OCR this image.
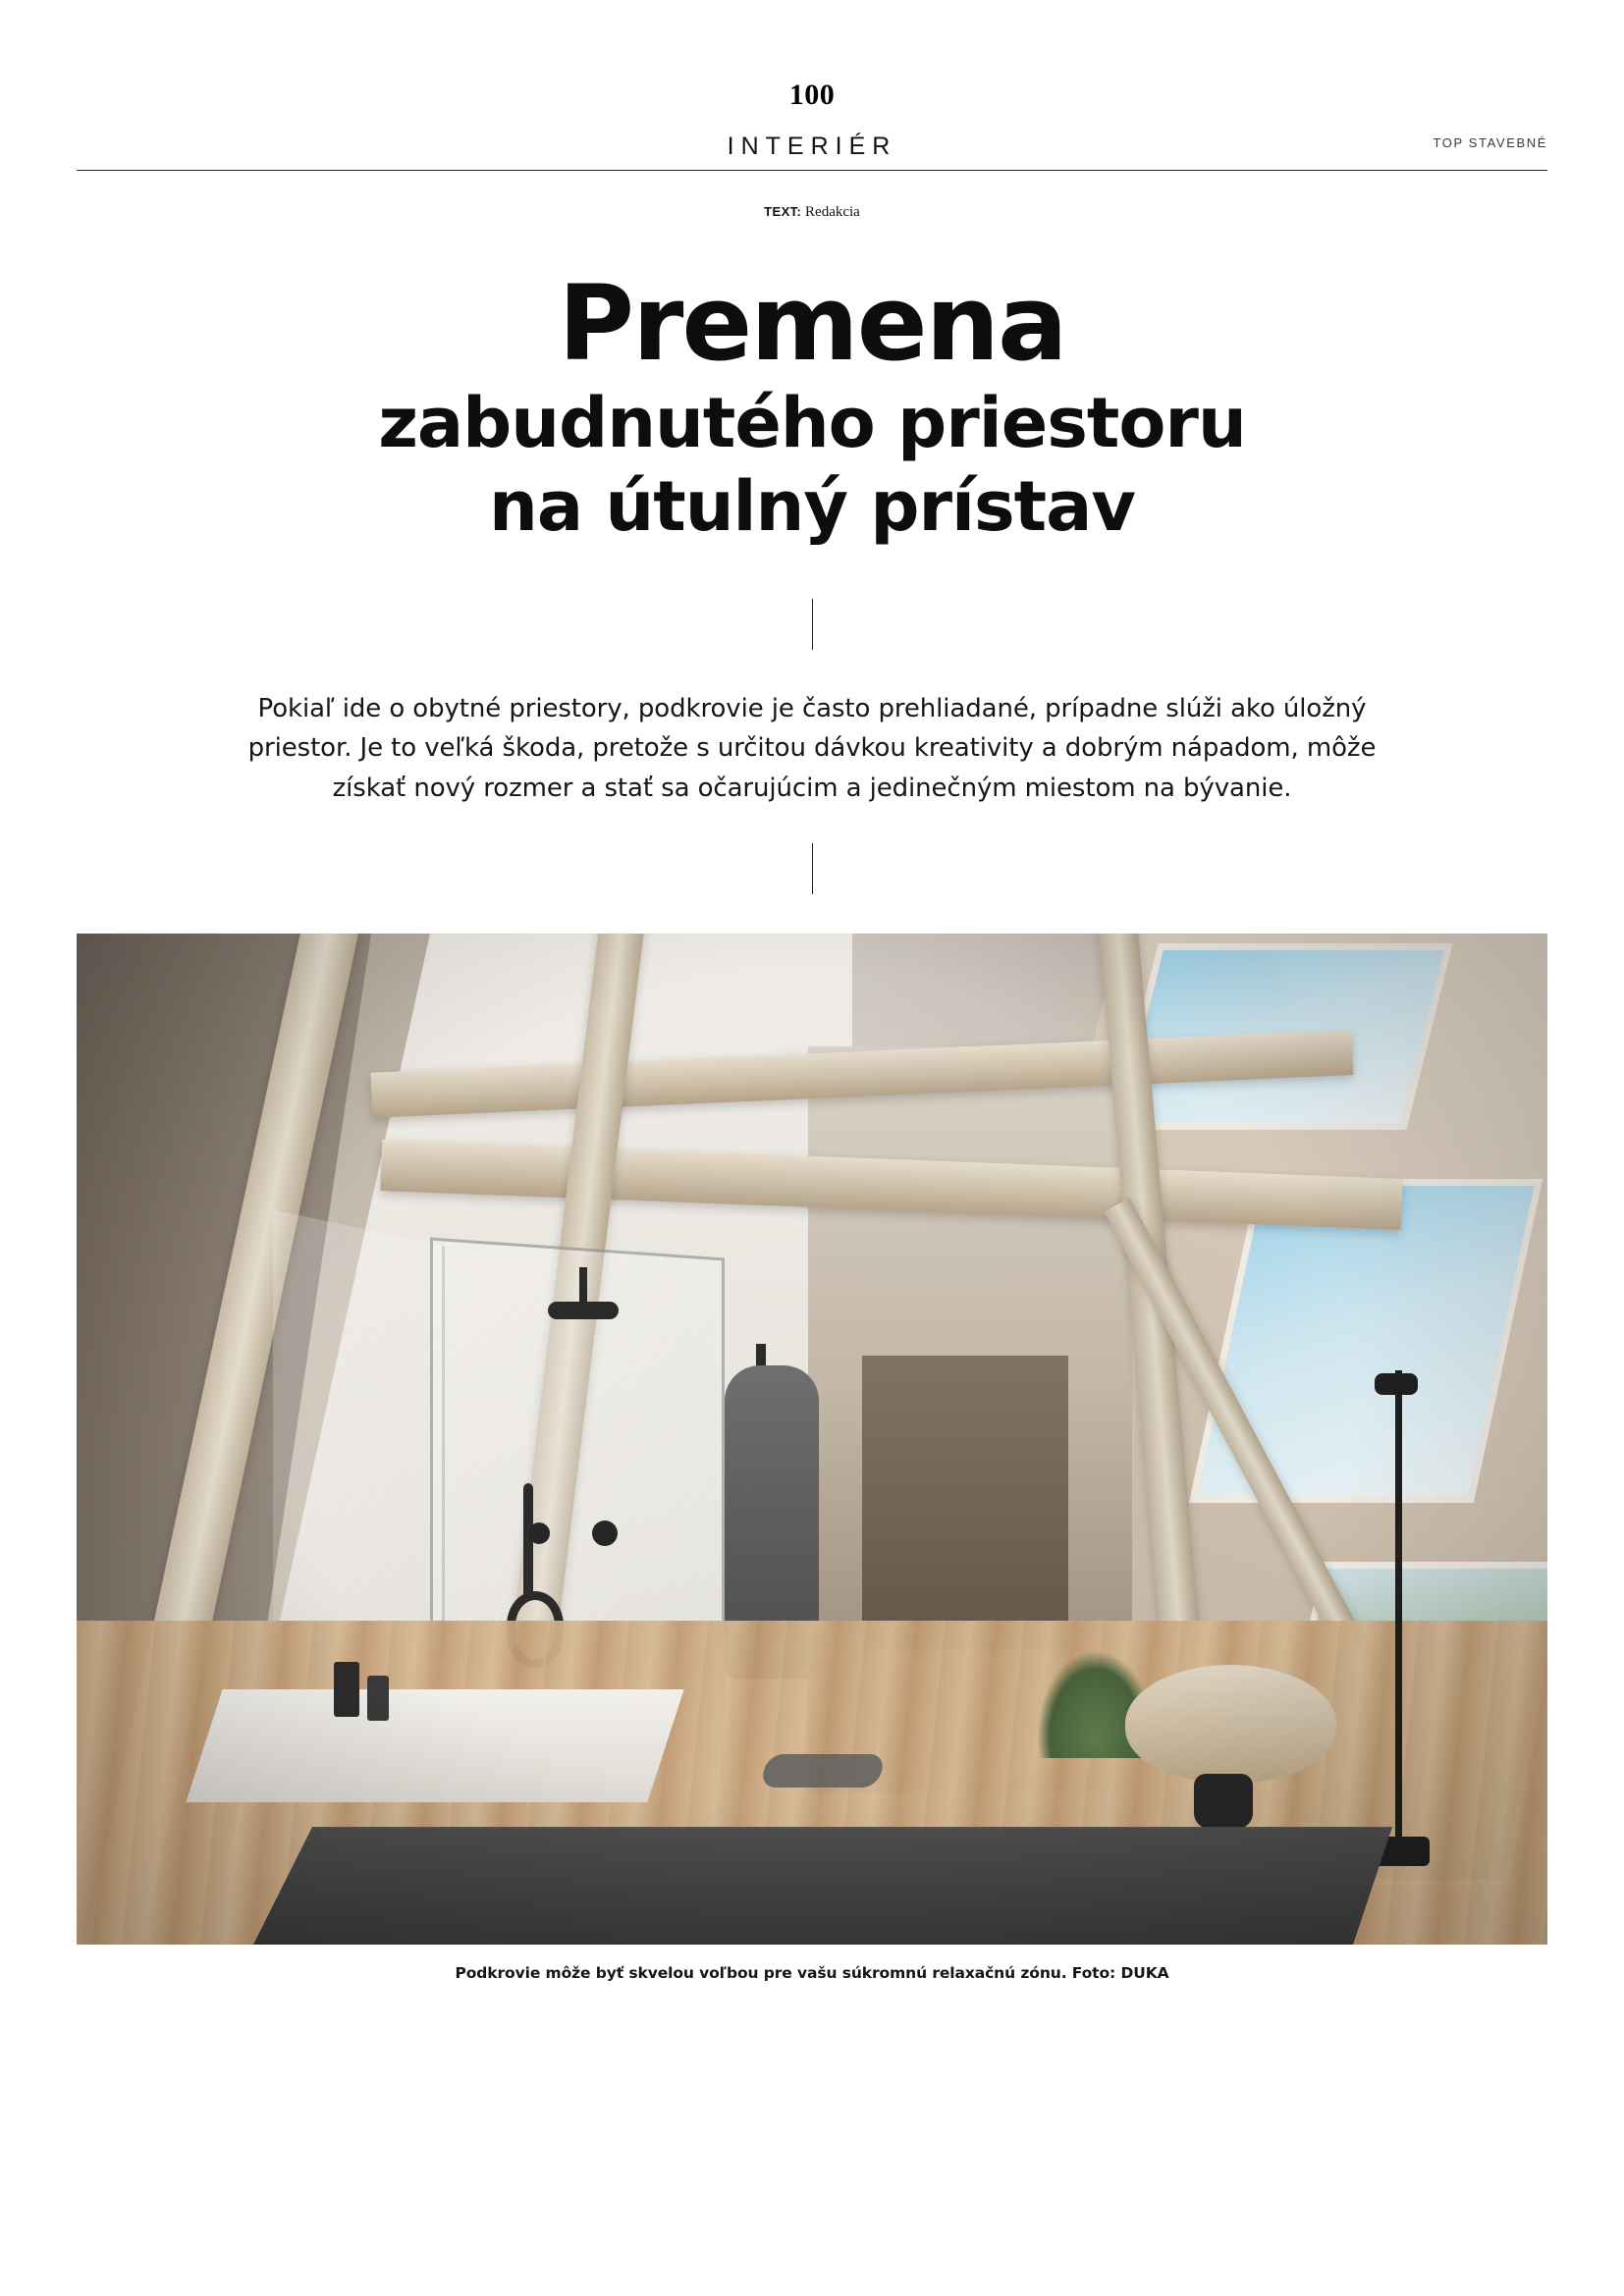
100
INTERIÉR	TOP STAVEBNÉ
TEXT: Redakcia
Premena
zabudnutého priestoru
na útulný prístav

Pokiaľ ide o obytné priestory, podkrovie je často prehliadané, prípadne slúži ako úložný priestor. Je to veľká škoda, pretože s určitou dávkou kreativity a dobrým nápadom, môže získať nový rozmer a stať sa očarujúcim a jedinečným miestom na bývanie.

Podkrovie môže byť skvelou voľbou pre vašu súkromnú relaxačnú zónu. Foto: DUKA
